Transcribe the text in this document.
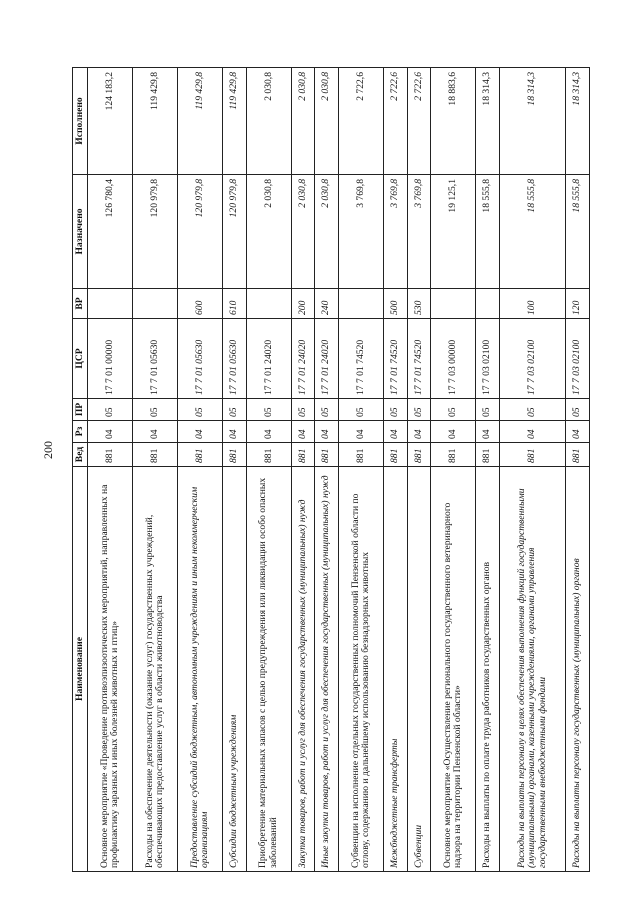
200
Наименование	Вед	Рз	ПР	ЦСР	ВР	Назначено	Исполнено
Основное мероприятие «Проведение противоэпизоотических мероприятий, направленных на профилактику заразных и иных болезней животных и птиц»	881	04	05	17 7 01 00000		126 780,4	124 183,2
Расходы на обеспечение деятельности (оказание услуг) государственных учреждений, обеспечивающих предоставление услуг в области животноводства	881	04	05	17 7 01 05630		120 979,8	119 429,8
Предоставление субсидий бюджетным, автономным учреждениям и иным некоммерческим организациям	881	04	05	17 7 01 05630	600	120 979,8	119 429,8
Субсидии бюджетным учреждениям	881	04	05	17 7 01 05630	610	120 979,8	119 429,8
Приобретение материальных запасов с целью предупреждения или ликвидации особо опасных заболеваний	881	04	05	17 7 01 24020		2 030,8	2 030,8
Закупка товаров, работ и услуг для обеспечения государственных (муниципальных) нужд	881	04	05	17 7 01 24020	200	2 030,8	2 030,8
Иные закупки товаров, работ и услуг для обеспечения государственных (муниципальных) нужд	881	04	05	17 7 01 24020	240	2 030,8	2 030,8
Субвенции на исполнение отдельных государственных полномочий Пензенской области по отлову, содержанию и дальнейшему использованию безнадзорных животных	881	04	05	17 7 01 74520		3 769,8	2 722,6
Межбюджетные трансферты	881	04	05	17 7 01 74520	500	3 769,8	2 722,6
Субвенции	881	04	05	17 7 01 74520	530	3 769,8	2 722,6
Основное мероприятие «Осуществление регионального государственного ветеринарного надзора на территории Пензенской области»	881	04	05	17 7 03 00000		19 125,1	18 883,6
Расходы на выплаты по оплате труда работников государственных органов	881	04	05	17 7 03 02100		18 555,8	18 314,3
Расходы на выплаты персоналу в целях обеспечения выполнения функций государственными (муниципальными) органами, казенными учреждениями, органами управления государственными внебюджетными фондами	881	04	05	17 7 03 02100	100	18 555,8	18 314,3
Расходы на выплаты персоналу государственных (муниципальных) органов	881	04	05	17 7 03 02100	120	18 555,8	18 314,3
